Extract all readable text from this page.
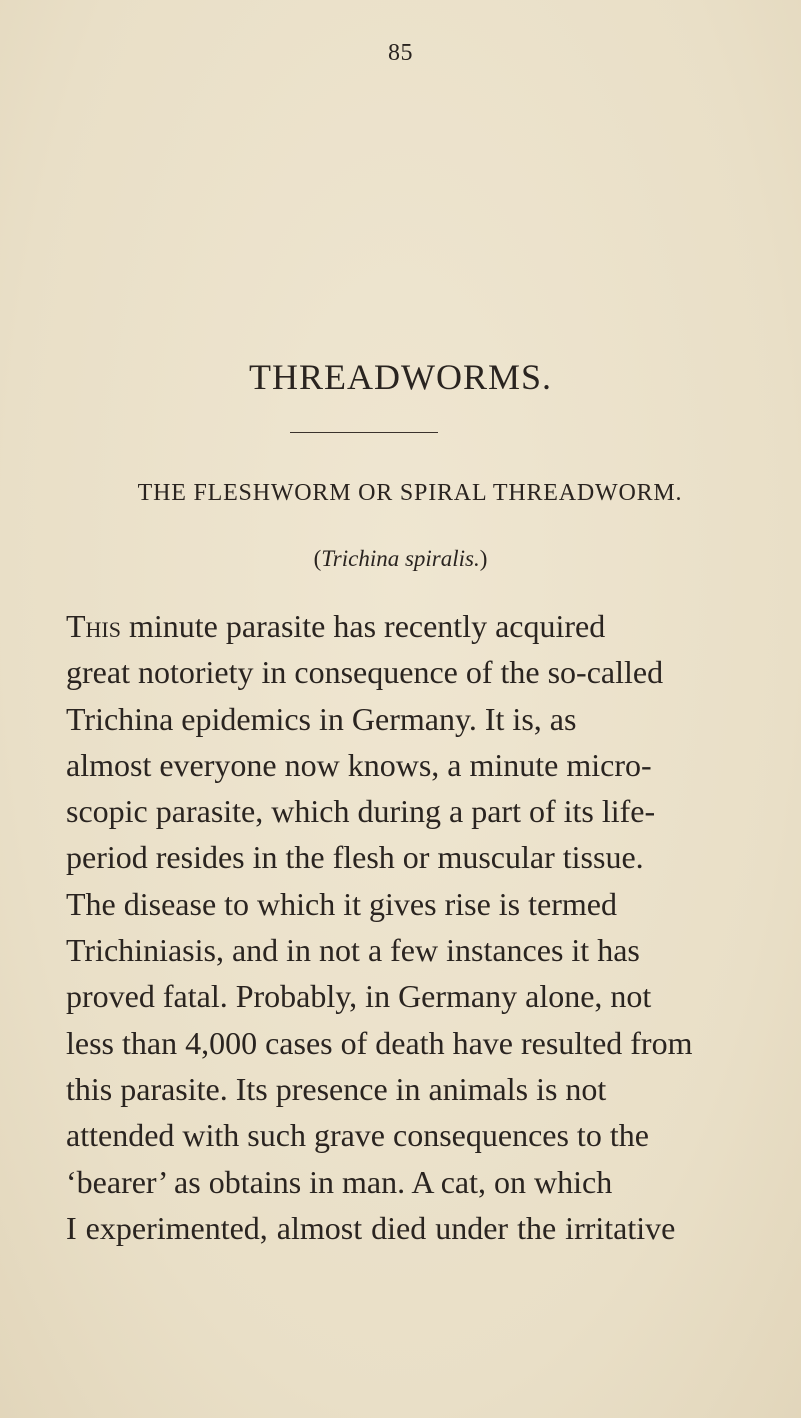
85
THREADWORMS.
THE FLESHWORM OR SPIRAL THREADWORM.
(Trichina spiralis.)
This minute parasite has recently acquired
great notoriety in consequence of the so-called
Trichina epidemics in Germany. It is, as
almost everyone now knows, a minute micro-
scopic parasite, which during a part of its life-
period resides in the flesh or muscular tissue.
The disease to which it gives rise is termed
Trichiniasis, and in not a few instances it has
proved fatal. Probably, in Germany alone, not
less than 4,000 cases of death have resulted from
this parasite. Its presence in animals is not
attended with such grave consequences to the
‘bearer’ as obtains in man. A cat, on which
I experimented, almost died under the irritative
